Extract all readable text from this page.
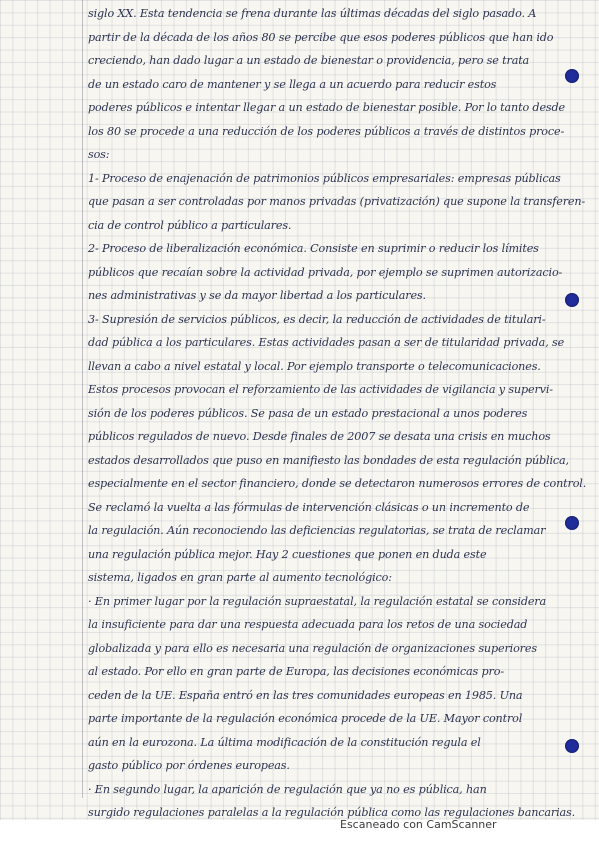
siglo XX. Esta tendencia se frena durante las últimas décadas del siglo pasado. A
partir de la década de los años 80 se percibe que esos poderes públicos que han ido
creciendo, han dado lugar a un estado de bienestar o providencia, pero se trata
de un estado caro de mantener y se llega a un acuerdo para reducir estos
poderes públicos e intentar llegar a un estado de bienestar posible. Por lo tanto desde
los 80 se procede a una reducción de los poderes públicos a través de distintos proce-
sos:
1- Proceso de enajenación de patrimonios públicos empresariales: empresas públicas
que pasan a ser controladas por manos privadas (privatización) que supone la transferen-
cia de control público a particulares.
2- Proceso de liberalización económica. Consiste en suprimir o reducir los límites
públicos que recaían sobre la actividad privada, por ejemplo se suprimen autorizacio-
nes administrativas y se da mayor libertad a los particulares.
3- Supresión de servicios públicos, es decir, la reducción de actividades de titulari-
dad pública a los particulares. Estas actividades pasan a ser de titularidad privada, se
llevan a cabo a nivel estatal y local. Por ejemplo transporte o telecomunicaciones.
Estos procesos provocan el reforzamiento de las actividades de vigilancia y supervi-
sión de los poderes públicos. Se pasa de un estado prestacional a unos poderes
públicos regulados de nuevo. Desde finales de 2007 se desata una crisis en muchos
estados desarrollados que puso en manifiesto las bondades de esta regulación pública,
especialmente en el sector financiero, donde se detectaron numerosos errores de control.
Se reclamó la vuelta a las fórmulas de intervención clásicas o un incremento de
la regulación. Aún reconociendo las deficiencias regulatorias, se trata de reclamar
una regulación pública mejor. Hay 2 cuestiones que ponen en duda este
sistema, ligados en gran parte al aumento tecnológico:
· En primer lugar por la regulación supraestatal, la regulación estatal se considera
la insuficiente para dar una respuesta adecuada para los retos de una sociedad
globalizada y para ello es necesaria una regulación de organizaciones superiores
al estado. Por ello en gran parte de Europa, las decisiones económicas pro-
ceden de la UE. España entró en las tres comunidades europeas en 1985. Una
parte importante de la regulación económica procede de la UE. Mayor control
aún en la eurozona. La última modificación de la constitución regula el
gasto público por órdenes europeas.
· En segundo lugar, la aparición de regulación que ya no es pública, han
surgido regulaciones paralelas a la regulación pública como las regulaciones bancarias.
Escaneado con CamScanner
